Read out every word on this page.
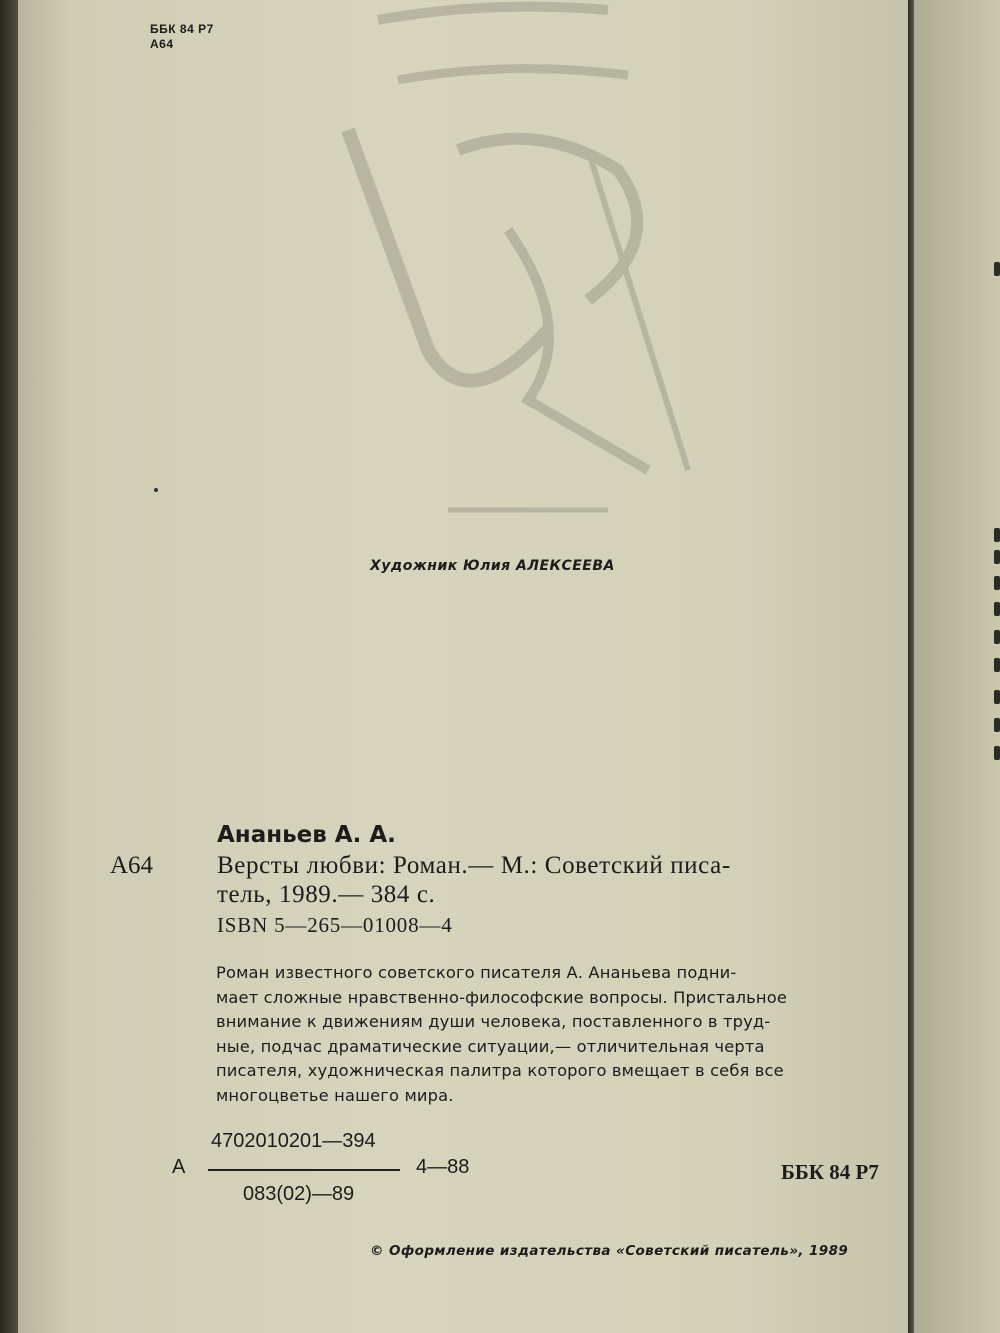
ББК 84 Р7
А64
Художник Юлия АЛЕКСЕЕВА
Ананьев А. А.
А64	Версты любви: Роман.— М.: Советский писа-
тель, 1989.— 384 с.
ISBN 5—265—01008—4
Роман известного советского писателя А. Ананьева подни-
мает сложные нравственно-философские вопросы. Пристальное
внимание к движениям души человека, поставленного в труд-
ные, подчас драматические ситуации,— отличительная черта
писателя, художническая палитра которого вмещает в себя все
многоцветье нашего мира.
4702010201—394
А	4—88
083(02)—89
ББК 84 Р7
© Оформление издательства «Советский писатель», 1989
